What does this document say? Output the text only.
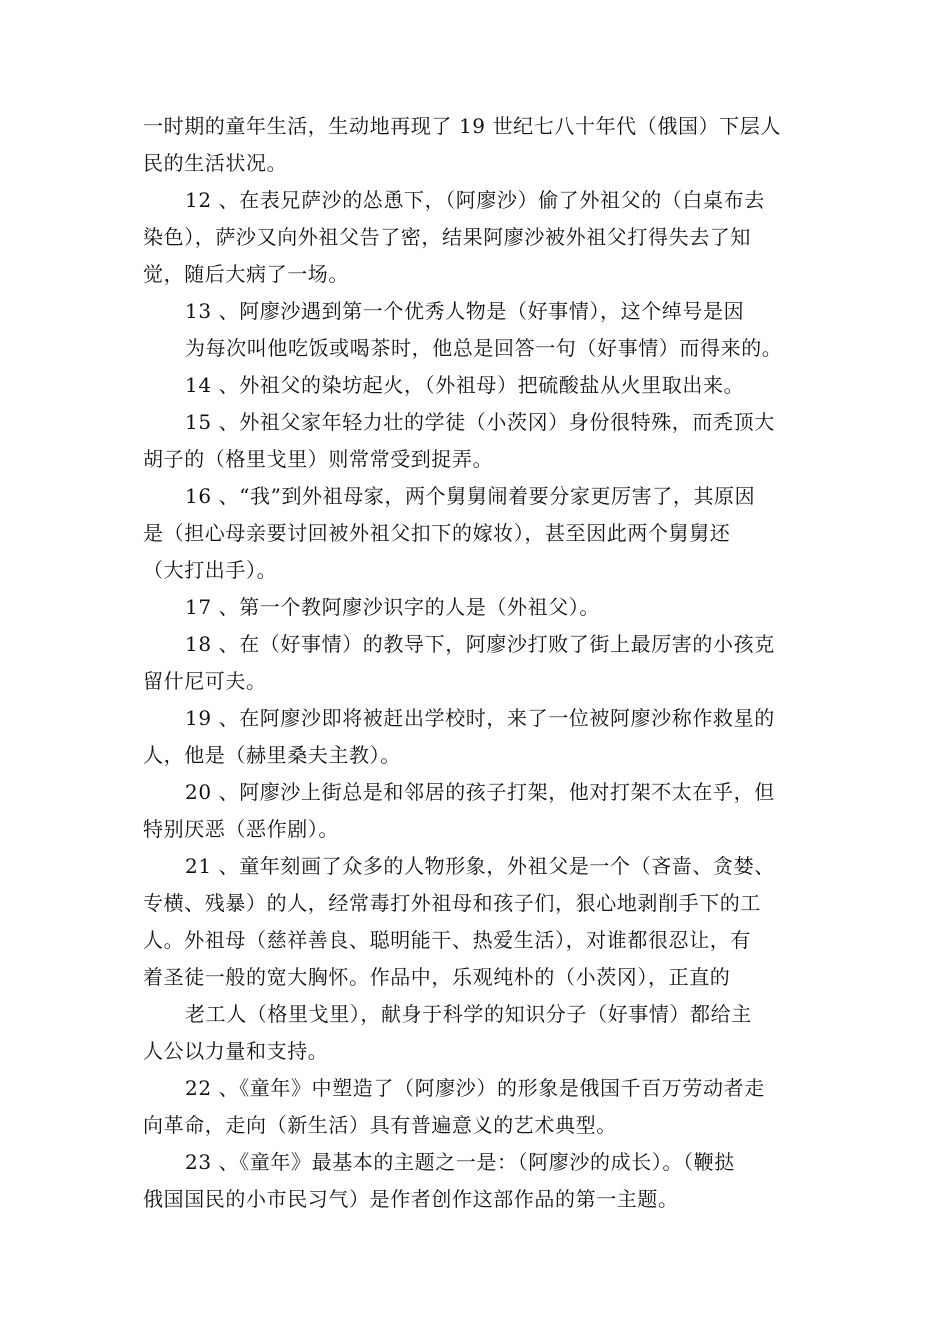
一时期的童年生活，生动地再现了 19 世纪七八十年代（俄国）下层人
民的生活状况。
12 、在表兄萨沙的怂恿下，（阿廖沙）偷了外祖父的（白桌布去
染色），萨沙又向外祖父告了密，结果阿廖沙被外祖父打得失去了知
觉，随后大病了一场。
13 、阿廖沙遇到第一个优秀人物是（好事情），这个绰号是因
为每次叫他吃饭或喝茶时，他总是回答一句（好事情）而得来的。
14 、外祖父的染坊起火，（外祖母）把硫酸盐从火里取出来。
15 、外祖父家年轻力壮的学徒（小茨冈）身份很特殊，而秃顶大
胡子的（格里戈里）则常常受到捉弄。
16 、“我”到外祖母家，两个舅舅闹着要分家更厉害了，其原因
是（担心母亲要讨回被外祖父扣下的嫁妆），甚至因此两个舅舅还
（大打出手）。
17 、第一个教阿廖沙识字的人是（外祖父）。
18 、在（好事情）的教导下，阿廖沙打败了街上最厉害的小孩克
留什尼可夫。
19 、在阿廖沙即将被赶出学校时，来了一位被阿廖沙称作救星的
人，他是（赫里桑夫主教）。
20 、阿廖沙上街总是和邻居的孩子打架，他对打架不太在乎，但
特别厌恶（恶作剧）。
21 、童年刻画了众多的人物形象，外祖父是一个（吝啬、贪婪、
专横、残暴）的人，经常毒打外祖母和孩子们，狠心地剥削手下的工
人。外祖母（慈祥善良、聪明能干、热爱生活），对谁都很忍让，有
着圣徒一般的宽大胸怀。作品中，乐观纯朴的（小茨冈），正直的
老工人（格里戈里），献身于科学的知识分子（好事情）都给主
人公以力量和支持。
22 、《童年》中塑造了（阿廖沙）的形象是俄国千百万劳动者走
向革命，走向（新生活）具有普遍意义的艺术典型。
23 、《童年》最基本的主题之一是：（阿廖沙的成长）。（鞭挞
俄国国民的小市民习气）是作者创作这部作品的第一主题。
